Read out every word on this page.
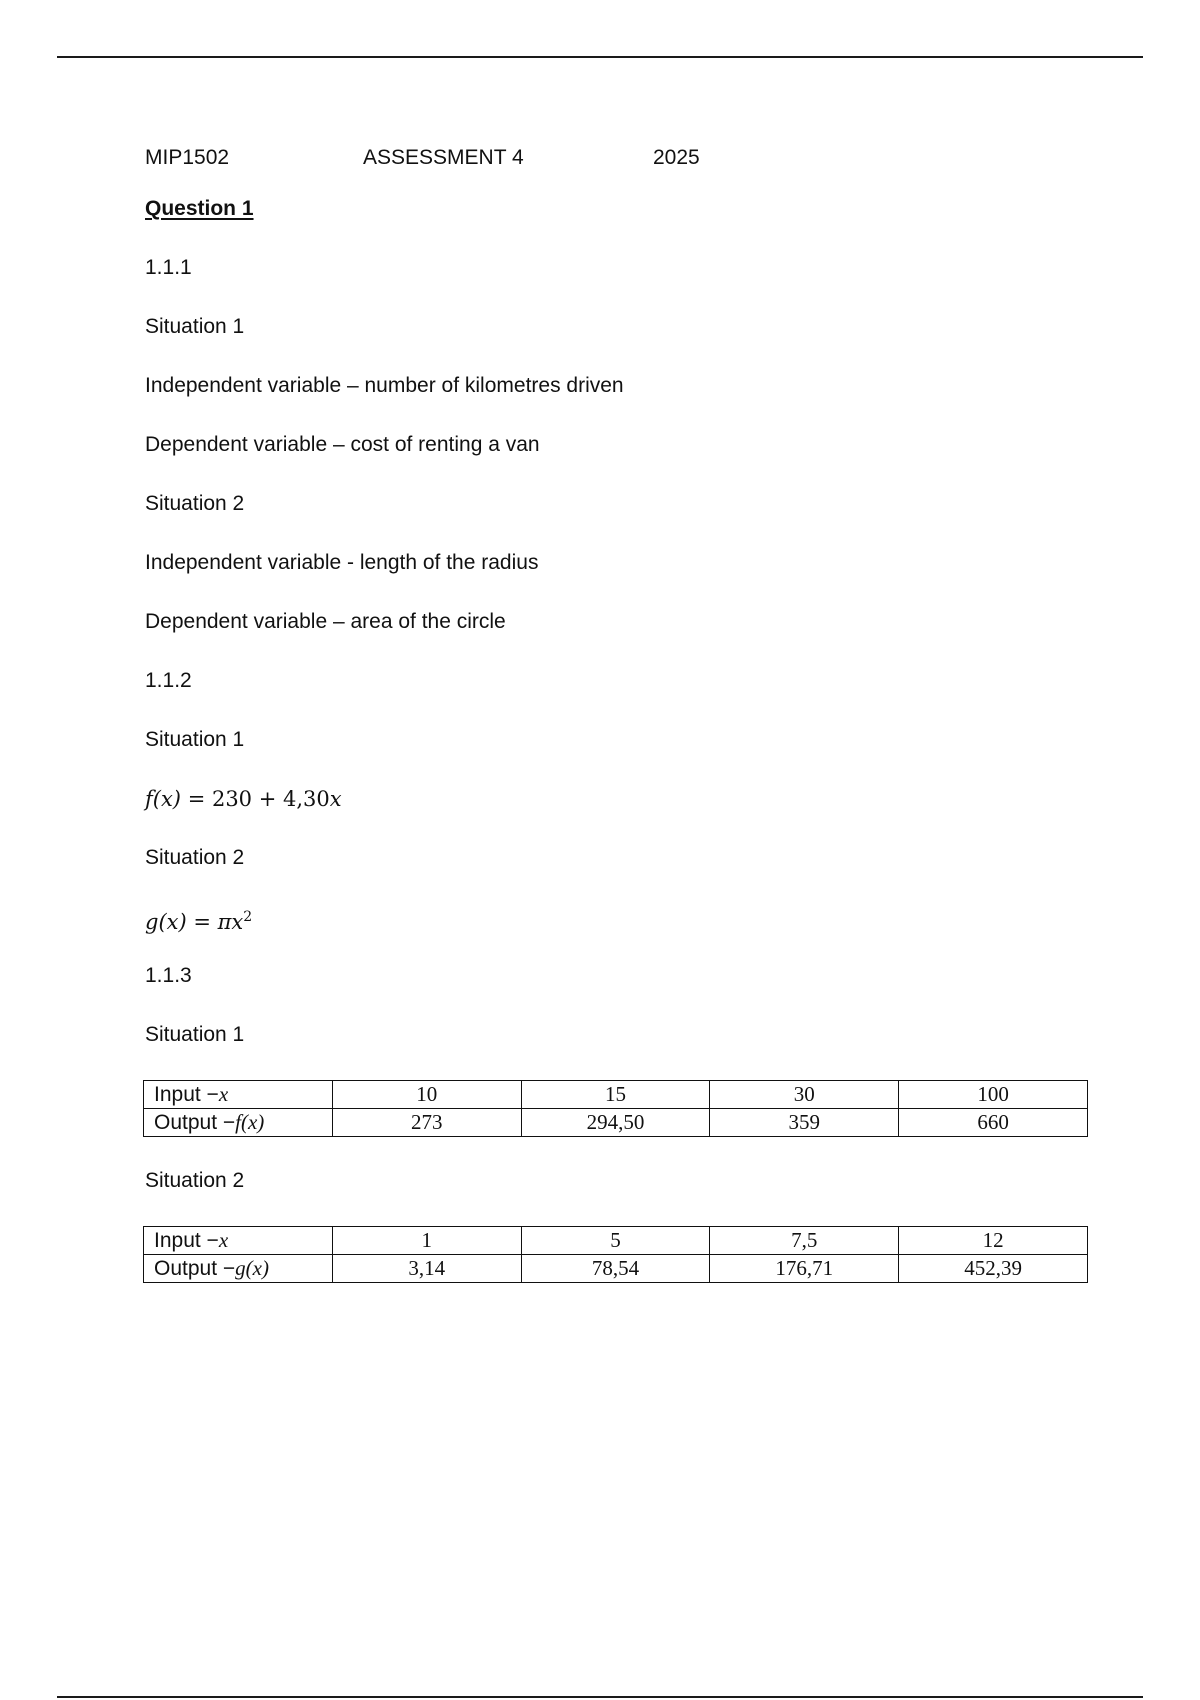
MIP1502	ASSESSMENT 4	2025
Question 1
1.1.1
Situation 1
Independent variable – number of kilometres driven
Dependent variable – cost of renting a van
Situation 2
Independent variable - length of the radius
Dependent variable – area of the circle
1.1.2
Situation 1
f(x) = 230 + 4,30x
Situation 2
$g(x) = \pi x^2$
1.1.3
Situation 1
Input −x	10	15	30	100
Output −f(x)	273	294,50	359	660
Situation 2
Input −x	1	5	7,5	12
Output −g(x)	3,14	78,54	176,71	452,39
